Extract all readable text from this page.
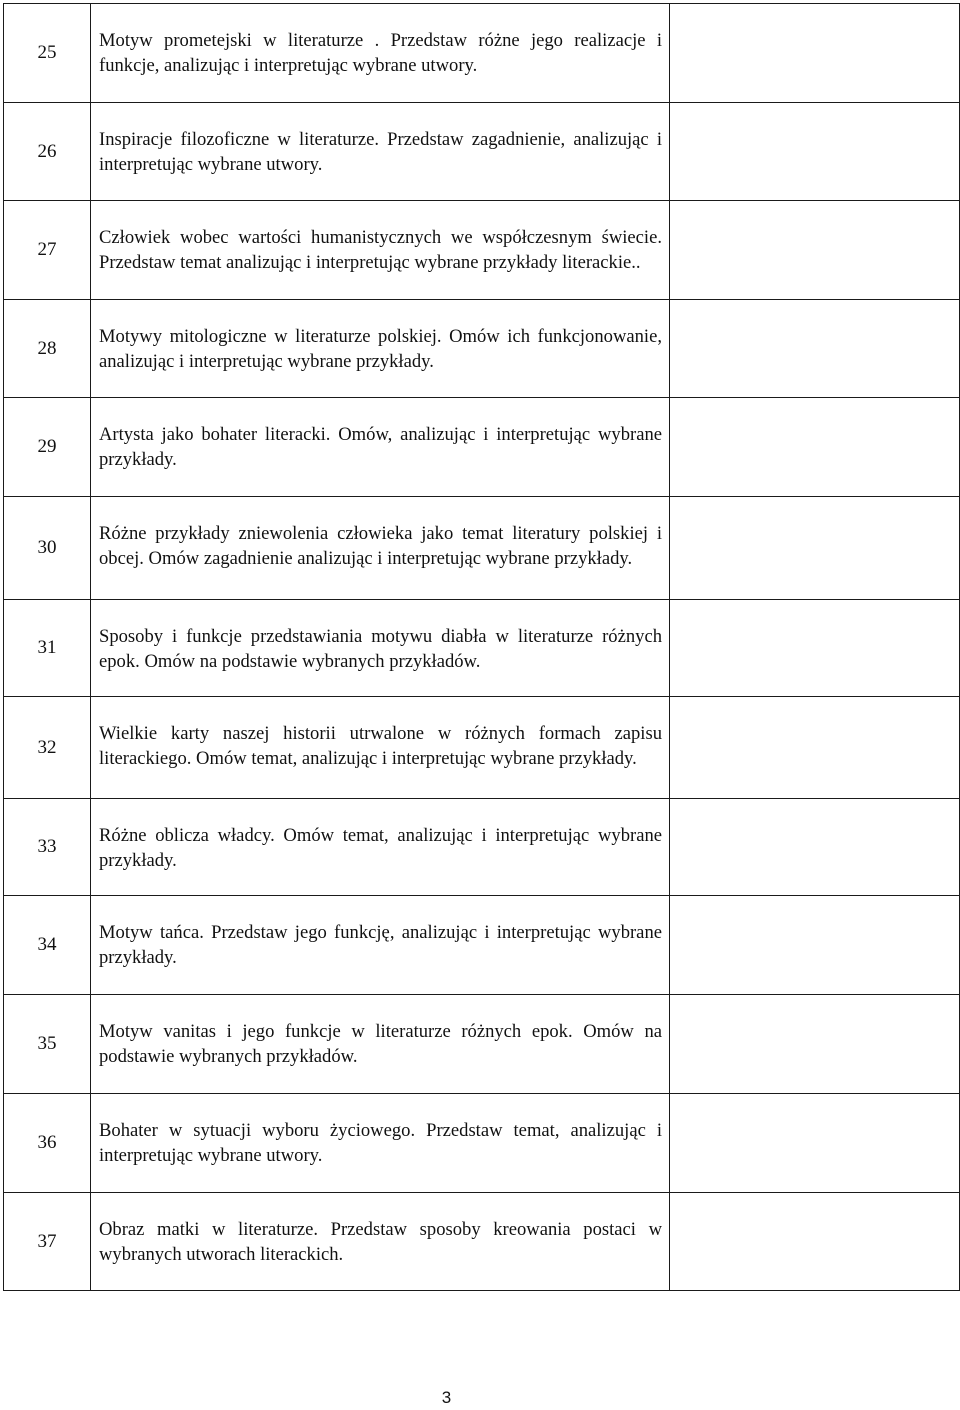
25	Motyw prometejski w literaturze . Przedstaw różne jego realizacje i funkcje, analizując i interpretując wybrane utwory.	
26	Inspiracje filozoficzne w literaturze. Przedstaw zagadnienie, analizując i interpretując wybrane utwory.	
27	Człowiek wobec wartości humanistycznych we współczesnym świecie. Przedstaw temat analizując i interpretując wybrane przykłady literackie..	
28	Motywy mitologiczne w literaturze polskiej. Omów ich funkcjonowanie, analizując i interpretując wybrane przykłady.	
29	Artysta jako bohater literacki. Omów, analizując i interpretując wybrane przykłady.	
30	Różne przykłady zniewolenia człowieka jako temat literatury polskiej i obcej. Omów zagadnienie analizując i interpretując wybrane przykłady.	
31	Sposoby i funkcje przedstawiania motywu diabła w literaturze różnych epok. Omów na podstawie wybranych przykładów.	
32	Wielkie karty naszej historii utrwalone w różnych formach zapisu literackiego. Omów temat, analizując i interpretując wybrane przykłady.	
33	Różne oblicza władcy. Omów temat, analizując i interpretując wybrane przykłady.	
34	Motyw tańca. Przedstaw jego funkcję, analizując i interpretując wybrane przykłady.	
35	Motyw vanitas i jego funkcje w literaturze różnych epok. Omów na podstawie wybranych przykładów.	
36	Bohater w sytuacji wyboru życiowego. Przedstaw temat, analizując i interpretując wybrane utwory.	
37	Obraz matki w literaturze. Przedstaw sposoby kreowania postaci w wybranych utworach literackich.	
3
